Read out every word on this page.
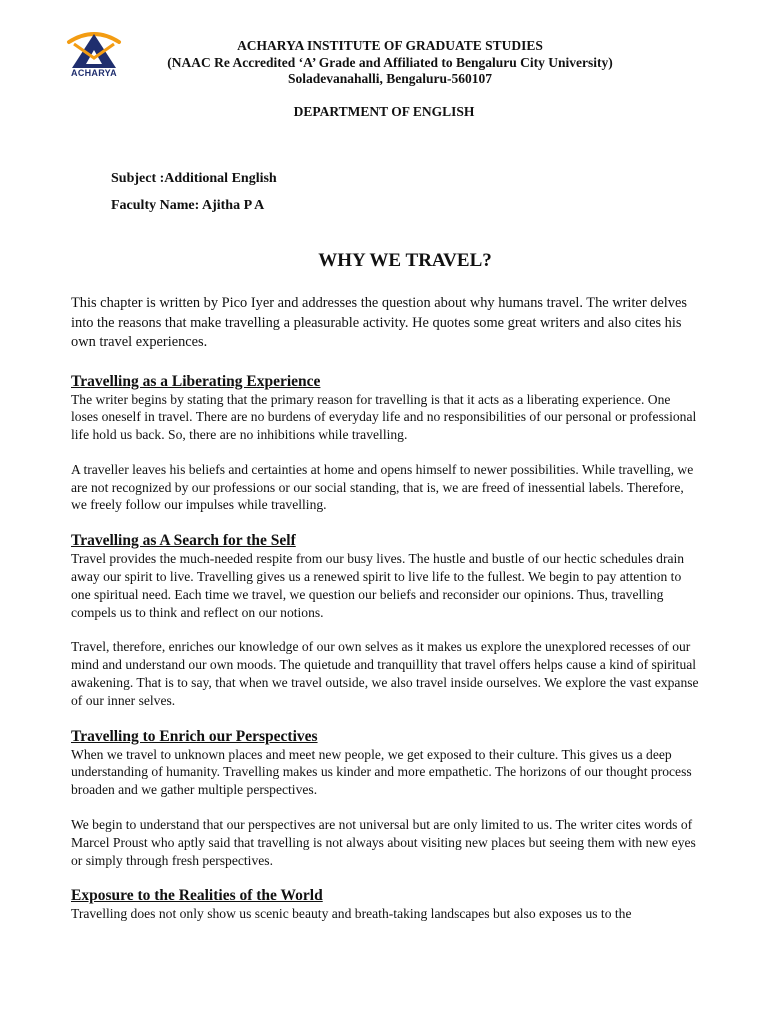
ACHARYA
ACHARYA INSTITUTE OF GRADUATE STUDIES
(NAAC Re Accredited ‘A’ Grade and Affiliated to Bengaluru City University)
Soladevanahalli, Bengaluru-560107
DEPARTMENT OF ENGLISH
Subject :Additional English
Faculty Name: Ajitha P A
WHY WE TRAVEL?

This chapter is written by Pico Iyer and addresses the question about why humans travel. The writer delves into the reasons that make travelling a pleasurable activity. He quotes some great writers and also cites his own travel experiences.

Travelling as a Liberating Experience

The writer begins by stating that the primary reason for travelling is that it acts as a liberating experience. One loses oneself in travel. There are no burdens of everyday life and no responsibilities of our personal or professional life hold us back. So, there are no inhibitions while travelling.

A traveller leaves his beliefs and certainties at home and opens himself to newer possibilities. While travelling, we are not recognized by our professions or our social standing, that is, we are freed of inessential labels. Therefore, we freely follow our impulses while travelling.

Travelling as A Search for the Self

Travel provides the much-needed respite from our busy lives. The hustle and bustle of our hectic schedules drain away our spirit to live. Travelling gives us a renewed spirit to live life to the fullest. We begin to pay attention to one spiritual need. Each time we travel, we question our beliefs and reconsider our opinions. Thus, travelling compels us to think and reflect on our notions.

Travel, therefore, enriches our knowledge of our own selves as it makes us explore the unexplored recesses of our mind and understand our own moods. The quietude and tranquillity that travel offers helps cause a kind of spiritual awakening. That is to say, that when we travel outside, we also travel inside ourselves. We explore the vast expanse of our inner selves.

Travelling to Enrich our Perspectives

When we travel to unknown places and meet new people, we get exposed to their culture. This gives us a deep understanding of humanity. Travelling makes us kinder and more empathetic. The horizons of our thought process broaden and we gather multiple perspectives.

We begin to understand that our perspectives are not universal but are only limited to us. The writer cites words of Marcel Proust who aptly said that travelling is not always about visiting new places but seeing them with new eyes or simply through fresh perspectives.

Exposure to the Realities of the World

Travelling does not only show us scenic beauty and breath-taking landscapes but also exposes us to the
